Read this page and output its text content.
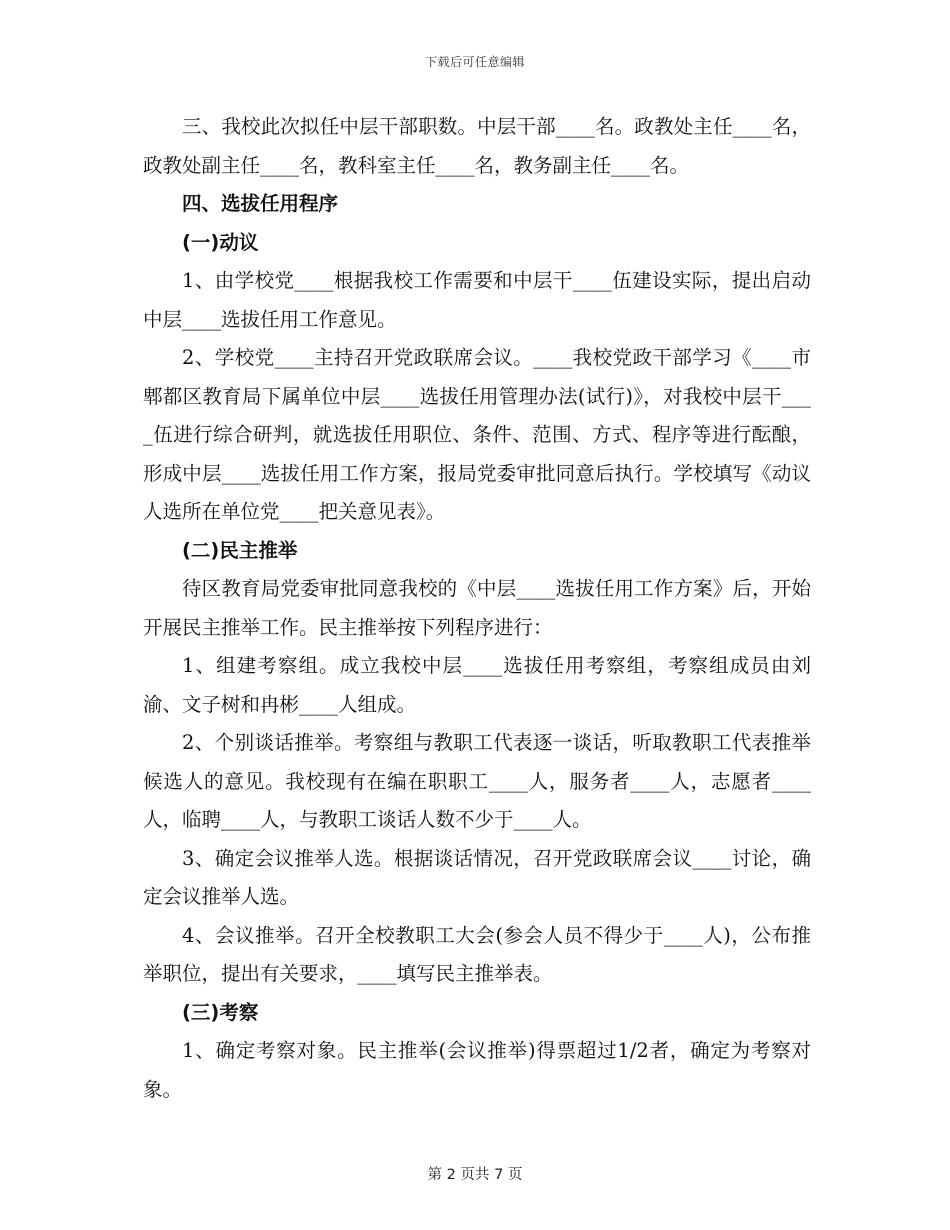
下载后可任意编辑

三、我校此次拟任中层干部职数。中层干部____名。政教处主任____名，政教处副主任____名，教科室主任____名，教务副主任____名。

四、选拔任用程序

(一)动议

1、由学校党____根据我校工作需要和中层干____伍建设实际，提出启动中层____选拔任用工作意见。

2、学校党____主持召开党政联席会议。____我校党政干部学习《____市郫都区教育局下属单位中层____选拔任用管理办法(试行)》，对我校中层干____伍进行综合研判，就选拔任用职位、条件、范围、方式、程序等进行酝酿，形成中层____选拔任用工作方案，报局党委审批同意后执行。学校填写《动议人选所在单位党____把关意见表》。

(二)民主推举

待区教育局党委审批同意我校的《中层____选拔任用工作方案》后，开始开展民主推举工作。民主推举按下列程序进行：

1、组建考察组。成立我校中层____选拔任用考察组，考察组成员由刘渝、文子树和冉彬____人组成。

2、个别谈话推举。考察组与教职工代表逐一谈话，听取教职工代表推举候选人的意见。我校现有在编在职职工____人，服务者____人，志愿者____人，临聘____人，与教职工谈话人数不少于____人。

3、确定会议推举人选。根据谈话情况，召开党政联席会议____讨论，确定会议推举人选。

4、会议推举。召开全校教职工大会(参会人员不得少于____人)，公布推举职位，提出有关要求，____填写民主推举表。

(三)考察

1、确定考察对象。民主推举(会议推举)得票超过1/2者，确定为考察对象。

第 2 页共 7 页
